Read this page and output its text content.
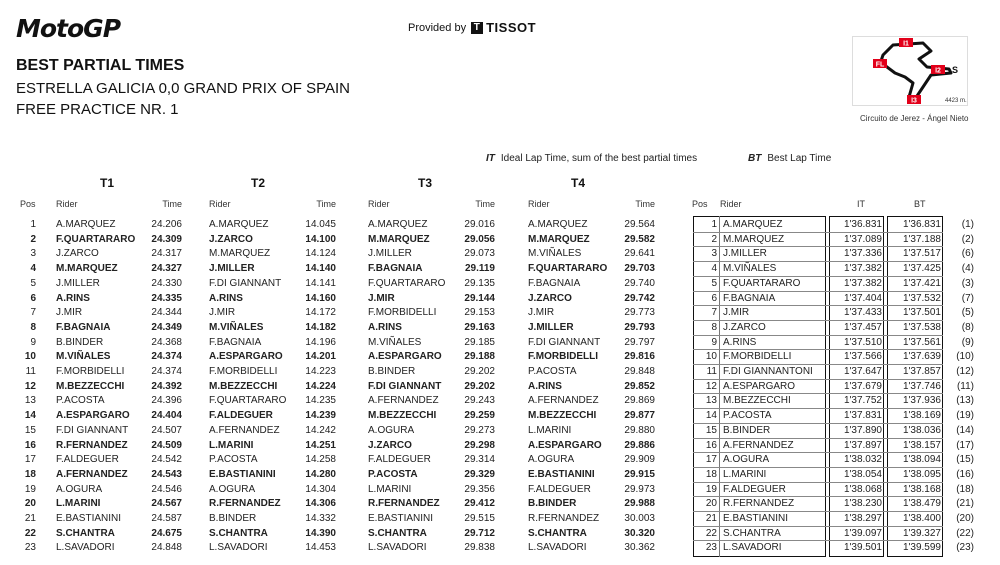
MotoGP	Provided by T TISSOT
BEST PARTIAL TIMES
ESTRELLA GALICIA 0,0 GRAND PRIX OF SPAIN
FREE PRACTICE NR. 1
I1
FL
I2 S
I3	4423 m.
Circuito de Jerez - Ángel Nieto
IT Ideal Lap Time, sum of the best partial times	BT Best Lap Time
T1	T2	T3	T4
Pos Rider	Time	Rider	Time	Rider	Time	Rider	Time	Pos Rider	IT	BT
1 A.MARQUEZ	24.206	A.MARQUEZ	14.045	A.MARQUEZ	29.016	A.MARQUEZ	29.564	1 A.MARQUEZ	1'36.831	1'36.831	(1)
2 F.QUARTARARO	24.309	J.ZARCO	14.100	M.MARQUEZ	29.056	M.MARQUEZ	29.582	2 M.MARQUEZ	1'37.089	1'37.188	(2)
3 J.ZARCO	24.317	M.MARQUEZ	14.124	J.MILLER	29.073	M.VIÑALES	29.641	3 J.MILLER	1'37.336	1'37.517	(6)
4 M.MARQUEZ	24.327	J.MILLER	14.140	F.BAGNAIA	29.119	F.QUARTARARO	29.703	4 M.VIÑALES	1'37.382	1'37.425	(4)
5 J.MILLER	24.330	F.DI GIANNANT	14.141	F.QUARTARARO	29.135	F.BAGNAIA	29.740	5 F.QUARTARARO	1'37.382	1'37.421	(3)
6 A.RINS	24.335	A.RINS	14.160	J.MIR	29.144	J.ZARCO	29.742	6 F.BAGNAIA	1'37.404	1'37.532	(7)
7 J.MIR	24.344	J.MIR	14.172	F.MORBIDELLI	29.153	J.MIR	29.773	7 J.MIR	1'37.433	1'37.501	(5)
8 F.BAGNAIA	24.349	M.VIÑALES	14.182	A.RINS	29.163	J.MILLER	29.793	8 J.ZARCO	1'37.457	1'37.538	(8)
9 B.BINDER	24.368	F.BAGNAIA	14.196	M.VIÑALES	29.185	F.DI GIANNANT	29.797	9 A.RINS	1'37.510	1'37.561	(9)
10 M.VIÑALES	24.374	A.ESPARGARO	14.201	A.ESPARGARO	29.188	F.MORBIDELLI	29.816	10 F.MORBIDELLI	1'37.566	1'37.639	(10)
11 F.MORBIDELLI	24.374	F.MORBIDELLI	14.223	B.BINDER	29.202	P.ACOSTA	29.848	11 F.DI GIANNANTONI	1'37.647	1'37.857	(12)
12 M.BEZZECCHI	24.392	M.BEZZECCHI	14.224	F.DI GIANNANT	29.202	A.RINS	29.852	12 A.ESPARGARO	1'37.679	1'37.746	(11)
13 P.ACOSTA	24.396	F.QUARTARARO	14.235	A.FERNANDEZ	29.243	A.FERNANDEZ	29.869	13 M.BEZZECCHI	1'37.752	1'37.936	(13)
14 A.ESPARGARO	24.404	F.ALDEGUER	14.239	M.BEZZECCHI	29.259	M.BEZZECCHI	29.877	14 P.ACOSTA	1'37.831	1'38.169	(19)
15 F.DI GIANNANT	24.507	A.FERNANDEZ	14.242	A.OGURA	29.273	L.MARINI	29.880	15 B.BINDER	1'37.890	1'38.036	(14)
16 R.FERNANDEZ	24.509	L.MARINI	14.251	J.ZARCO	29.298	A.ESPARGARO	29.886	16 A.FERNANDEZ	1'37.897	1'38.157	(17)
17 F.ALDEGUER	24.542	P.ACOSTA	14.258	F.ALDEGUER	29.314	A.OGURA	29.909	17 A.OGURA	1'38.032	1'38.094	(15)
18 A.FERNANDEZ	24.543	E.BASTIANINI	14.280	P.ACOSTA	29.329	E.BASTIANINI	29.915	18 L.MARINI	1'38.054	1'38.095	(16)
19 A.OGURA	24.546	A.OGURA	14.304	L.MARINI	29.356	F.ALDEGUER	29.973	19 F.ALDEGUER	1'38.068	1'38.168	(18)
20 L.MARINI	24.567	R.FERNANDEZ	14.306	R.FERNANDEZ	29.412	B.BINDER	29.988	20 R.FERNANDEZ	1'38.230	1'38.479	(21)
21 E.BASTIANINI	24.587	B.BINDER	14.332	E.BASTIANINI	29.515	R.FERNANDEZ	30.003	21 E.BASTIANINI	1'38.297	1'38.400	(20)
22 S.CHANTRA	24.675	S.CHANTRA	14.390	S.CHANTRA	29.712	S.CHANTRA	30.320	22 S.CHANTRA	1'39.097	1'39.327	(22)
23 L.SAVADORI	24.848	L.SAVADORI	14.453	L.SAVADORI	29.838	L.SAVADORI	30.362	23 L.SAVADORI	1'39.501	1'39.599	(23)
